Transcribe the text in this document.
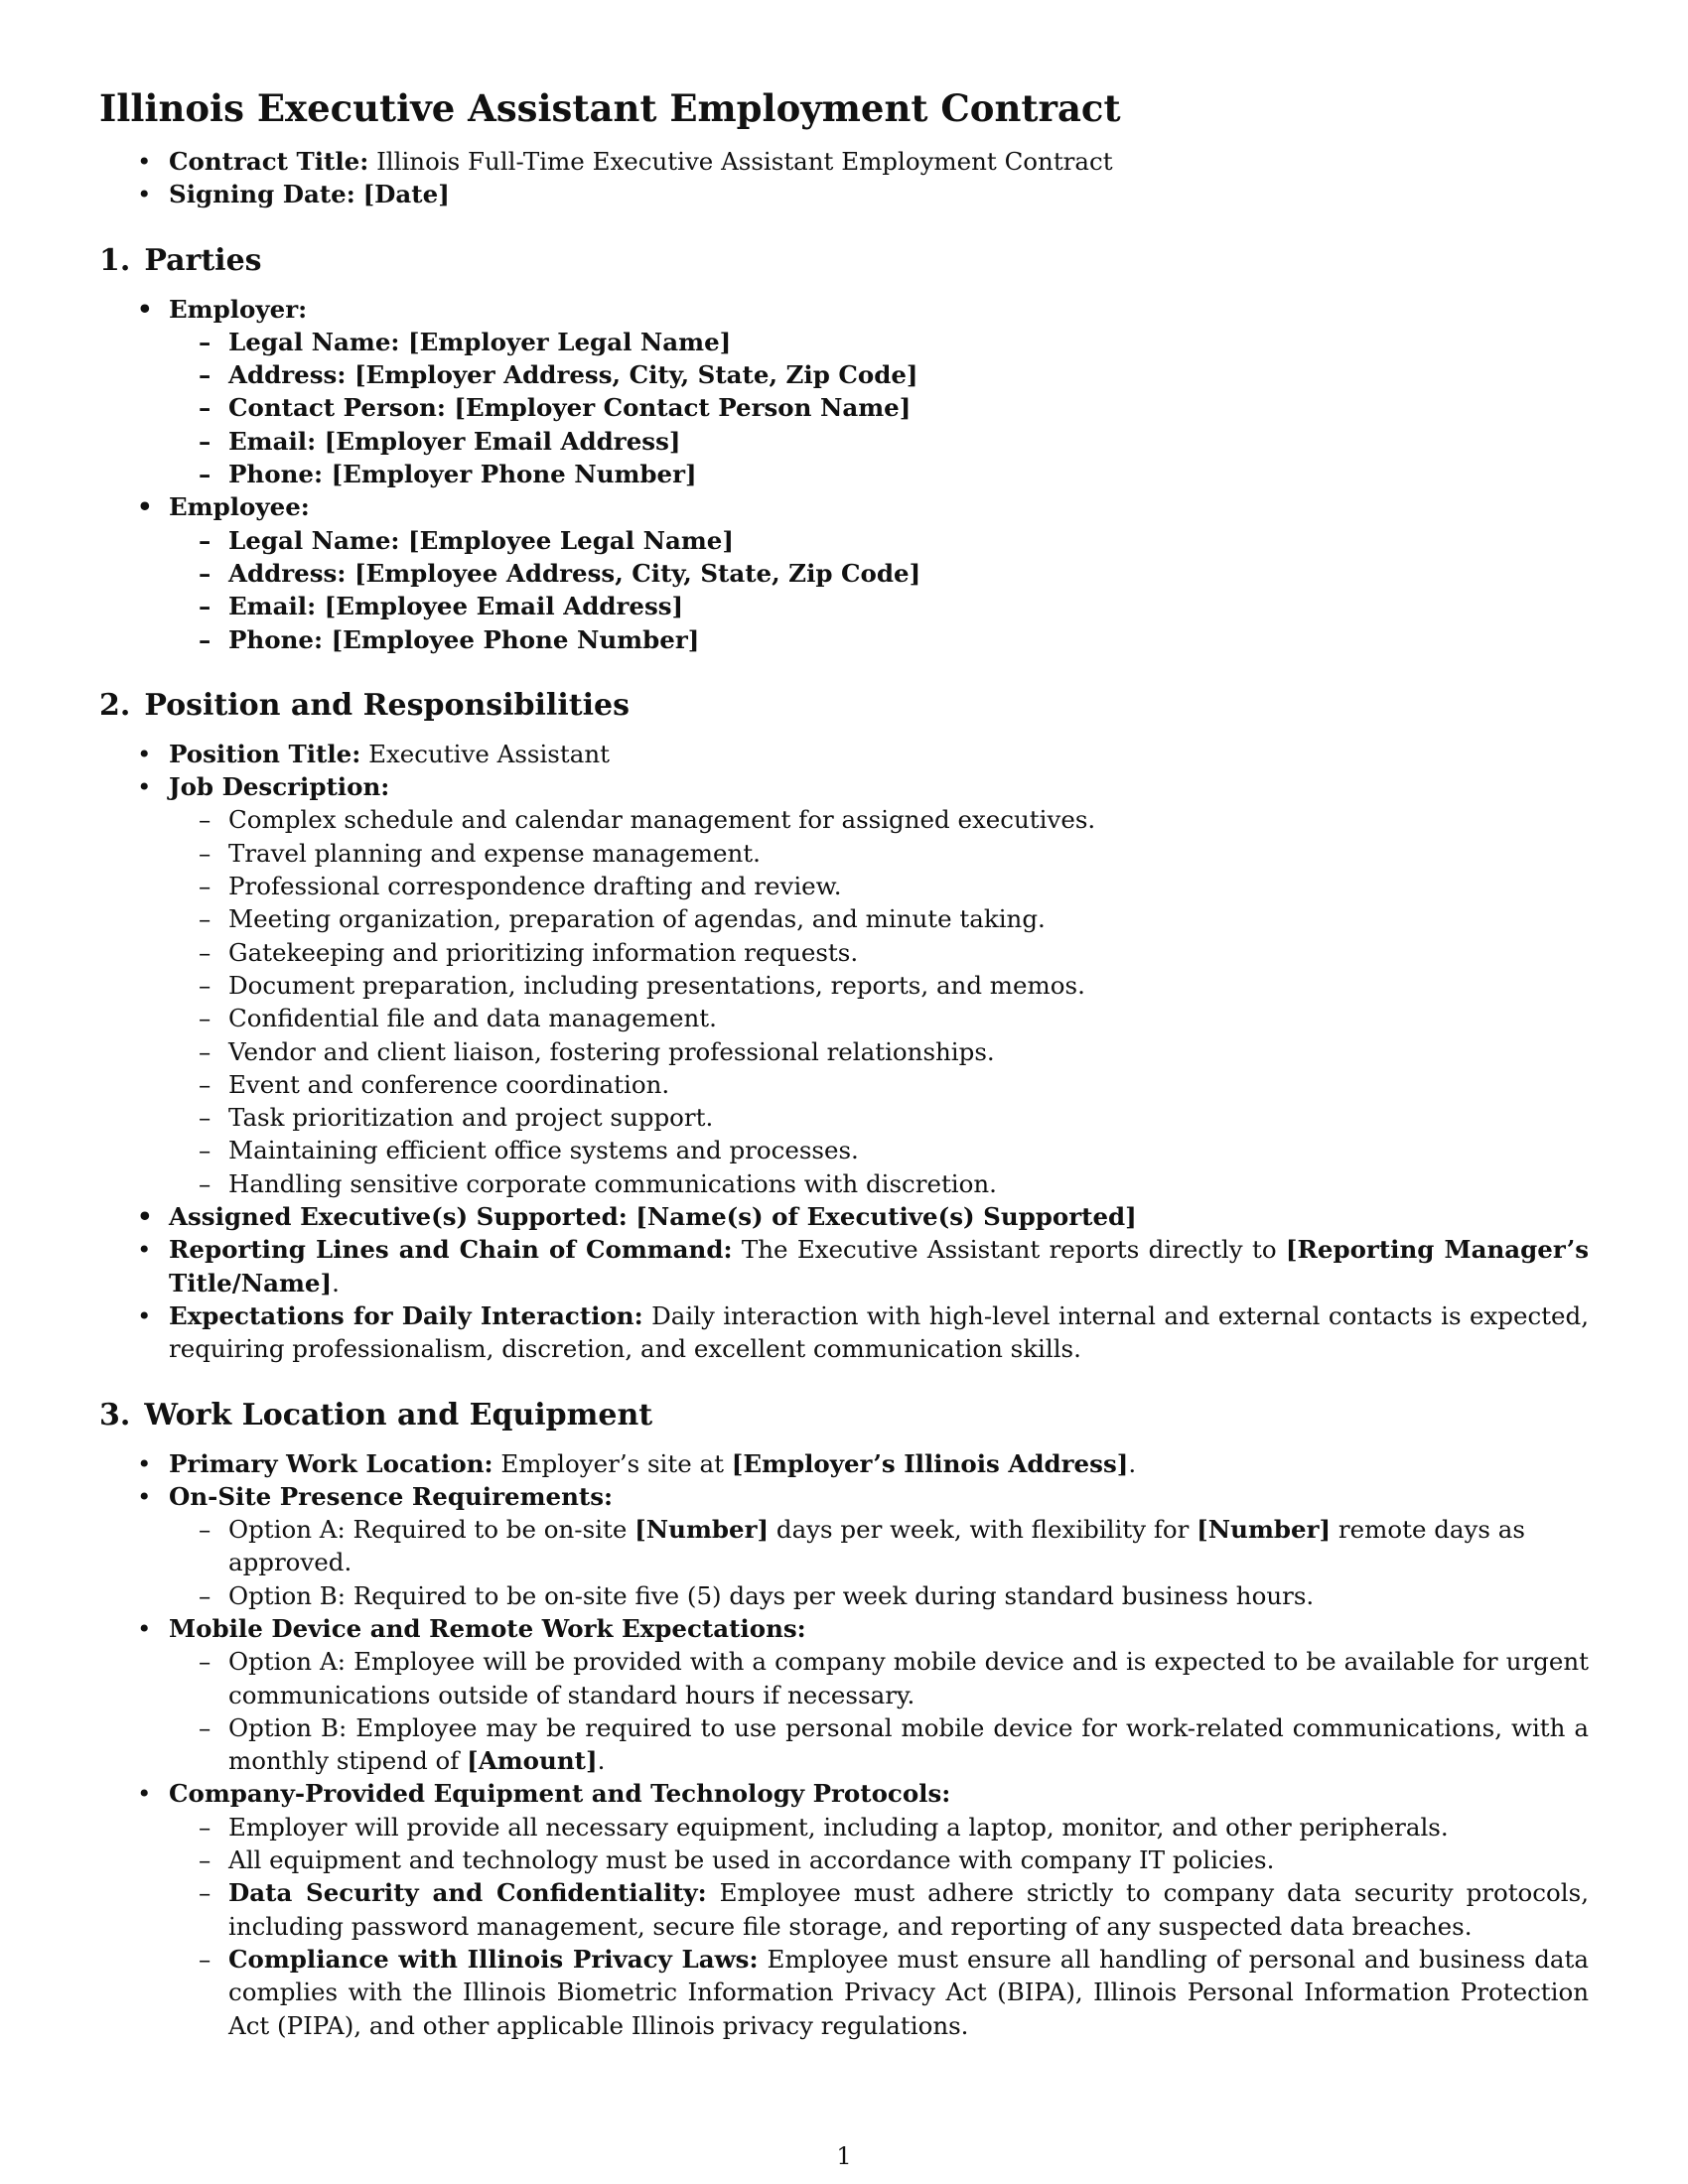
Illinois Executive Assistant Employment Contract
• Contract Title: Illinois Full-Time Executive Assistant Employment Contract
• Signing Date: [Date]
1. Parties
• Employer:
– Legal Name: [Employer Legal Name]
– Address: [Employer Address, City, State, Zip Code]
– Contact Person: [Employer Contact Person Name]
– Email: [Employer Email Address]
– Phone: [Employer Phone Number]
• Employee:
– Legal Name: [Employee Legal Name]
– Address: [Employee Address, City, State, Zip Code]
– Email: [Employee Email Address]
– Phone: [Employee Phone Number]
2. Position and Responsibilities
• Position Title: Executive Assistant
• Job Description:
– Complex schedule and calendar management for assigned executives.
– Travel planning and expense management.
– Professional correspondence drafting and review.
– Meeting organization, preparation of agendas, and minute taking.
– Gatekeeping and prioritizing information requests.
– Document preparation, including presentations, reports, and memos.
– Confidential file and data management.
– Vendor and client liaison, fostering professional relationships.
– Event and conference coordination.
– Task prioritization and project support.
– Maintaining efficient office systems and processes.
– Handling sensitive corporate communications with discretion.
• Assigned Executive(s) Supported: [Name(s) of Executive(s) Supported]
• Reporting Lines and Chain of Command: The Executive Assistant reports directly to [Reporting Manager’s Title/Name].
• Expectations for Daily Interaction: Daily interaction with high-level internal and external contacts is expected, requiring professionalism, discretion, and excellent communication skills.
3. Work Location and Equipment
• Primary Work Location: Employer’s site at [Employer’s Illinois Address].
• On-Site Presence Requirements:
– Option A: Required to be on-site [Number] days per week, with flexibility for [Number] remote days as approved.
– Option B: Required to be on-site five (5) days per week during standard business hours.
• Mobile Device and Remote Work Expectations:
– Option A: Employee will be provided with a company mobile device and is expected to be available for urgent communications outside of standard hours if necessary.
– Option B: Employee may be required to use personal mobile device for work-related communications, with a monthly stipend of [Amount].
• Company-Provided Equipment and Technology Protocols:
– Employer will provide all necessary equipment, including a laptop, monitor, and other peripherals.
– All equipment and technology must be used in accordance with company IT policies.
– Data Security and Confidentiality: Employee must adhere strictly to company data security protocols, including password management, secure file storage, and reporting of any suspected data breaches.
– Compliance with Illinois Privacy Laws: Employee must ensure all handling of personal and business data complies with the Illinois Biometric Information Privacy Act (BIPA), Illinois Personal Information Protection Act (PIPA), and other applicable Illinois privacy regulations.
1
